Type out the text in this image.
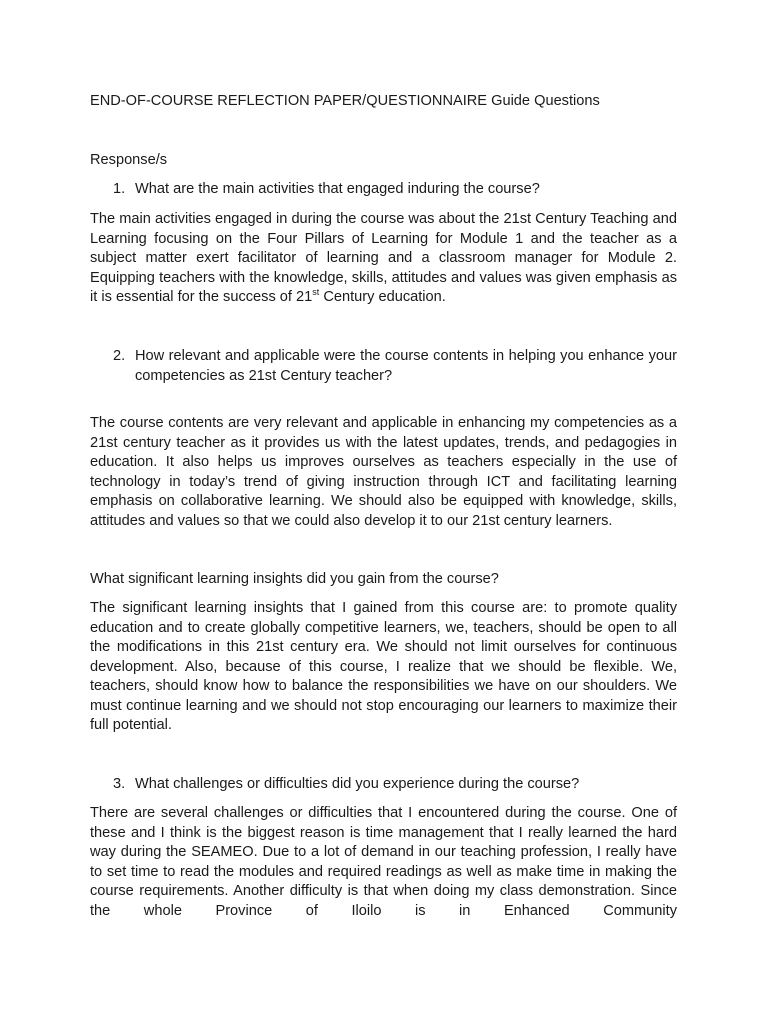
END-OF-COURSE REFLECTION PAPER/QUESTIONNAIRE Guide Questions
Response/s
1. What are the main activities that engaged induring the course?
The main activities engaged in during the course was about the 21st Century Teaching and Learning focusing on the Four Pillars of Learning for Module 1 and the teacher as a subject matter exert facilitator of learning and a classroom manager for Module 2. Equipping teachers with the knowledge, skills, attitudes and values was given emphasis as it is essential for the success of 21st Century education.
2. How relevant and applicable were the course contents in helping you enhance your competencies as 21st Century teacher?
The course contents are very relevant and applicable in enhancing my competencies as a 21st century teacher as it provides us with the latest updates, trends, and pedagogies in education. It also helps us improves ourselves as teachers especially in the use of technology in today’s trend of giving instruction through ICT and facilitating learning emphasis on collaborative learning. We should also be equipped with knowledge, skills, attitudes and values so that we could also develop it to our 21st century learners.
What significant learning insights did you gain from the course?
The significant learning insights that I gained from this course are: to promote quality education and to create globally competitive learners, we, teachers, should be open to all the modifications in this 21st century era. We should not limit ourselves for continuous development. Also, because of this course, I realize that we should be flexible. We, teachers, should know how to balance the responsibilities we have on our shoulders. We must continue learning and we should not stop encouraging our learners to maximize their full potential.
3. What challenges or difficulties did you experience during the course?
There are several challenges or difficulties that I encountered during the course. One of these and I think is the biggest reason is time management that I really learned the hard way during the SEAMEO. Due to a lot of demand in our teaching profession, I really have to set time to read the modules and required readings as well as make time in making the course requirements. Another difficulty is that when doing my class demonstration. Since the whole Province of Iloilo is in Enhanced Community
